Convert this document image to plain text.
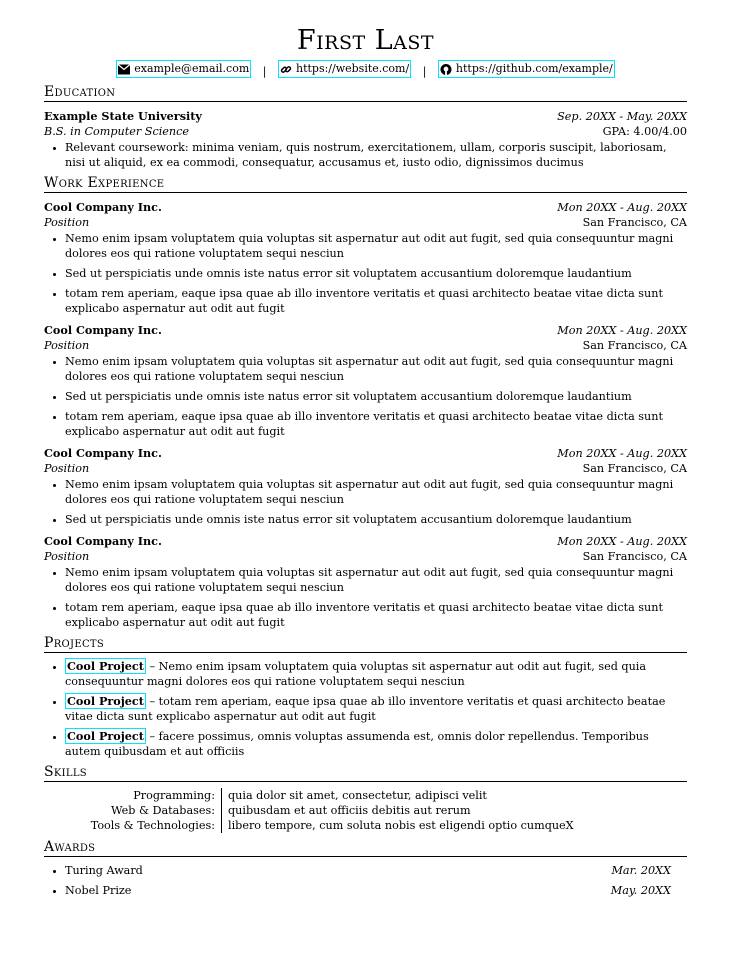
First Last
example@email.com |	https://website.com/ |	https://github.com/example/
Education
Example State University	Sep. 20XX - May. 20XX
B.S. in Computer Science	GPA: 4.00/4.00
• Relevant coursework: minima veniam, quis nostrum, exercitationem, ullam, corporis suscipit, laboriosam, nisi ut aliquid, ex ea commodi, consequatur, accusamus et, iusto odio, dignissimos ducimus
Work Experience
Cool Company Inc.	Mon 20XX - Aug. 20XX
Position	San Francisco, CA
• Nemo enim ipsam voluptatem quia voluptas sit aspernatur aut odit aut fugit, sed quia consequuntur magni dolores eos qui ratione voluptatem sequi nesciun
• Sed ut perspiciatis unde omnis iste natus error sit voluptatem accusantium doloremque laudantium
• totam rem aperiam, eaque ipsa quae ab illo inventore veritatis et quasi architecto beatae vitae dicta sunt explicabo aspernatur aut odit aut fugit
Cool Company Inc.	Mon 20XX - Aug. 20XX
Position	San Francisco, CA
• Nemo enim ipsam voluptatem quia voluptas sit aspernatur aut odit aut fugit, sed quia consequuntur magni dolores eos qui ratione voluptatem sequi nesciun
• Sed ut perspiciatis unde omnis iste natus error sit voluptatem accusantium doloremque laudantium
• totam rem aperiam, eaque ipsa quae ab illo inventore veritatis et quasi architecto beatae vitae dicta sunt explicabo aspernatur aut odit aut fugit
Cool Company Inc.	Mon 20XX - Aug. 20XX
Position	San Francisco, CA
• Nemo enim ipsam voluptatem quia voluptas sit aspernatur aut odit aut fugit, sed quia consequuntur magni dolores eos qui ratione voluptatem sequi nesciun
• Sed ut perspiciatis unde omnis iste natus error sit voluptatem accusantium doloremque laudantium
Cool Company Inc.	Mon 20XX - Aug. 20XX
Position	San Francisco, CA
• Nemo enim ipsam voluptatem quia voluptas sit aspernatur aut odit aut fugit, sed quia consequuntur magni dolores eos qui ratione voluptatem sequi nesciun
• totam rem aperiam, eaque ipsa quae ab illo inventore veritatis et quasi architecto beatae vitae dicta sunt explicabo aspernatur aut odit aut fugit
Projects
• Cool Project – Nemo enim ipsam voluptatem quia voluptas sit aspernatur aut odit aut fugit, sed quia consequuntur magni dolores eos qui ratione voluptatem sequi nesciun
• Cool Project – totam rem aperiam, eaque ipsa quae ab illo inventore veritatis et quasi architecto beatae vitae dicta sunt explicabo aspernatur aut odit aut fugit
• Cool Project – facere possimus, omnis voluptas assumenda est, omnis dolor repellendus. Temporibus autem quibusdam et aut officiis
Skills
Programming:	quia dolor sit amet, consectetur, adipisci velit
Web & Databases:	quibusdam et aut officiis debitis aut rerum
Tools & Technologies:	libero tempore, cum soluta nobis est eligendi optio cumqueX
Awards
• Turing Award	Mar. 20XX
• Nobel Prize	May. 20XX
